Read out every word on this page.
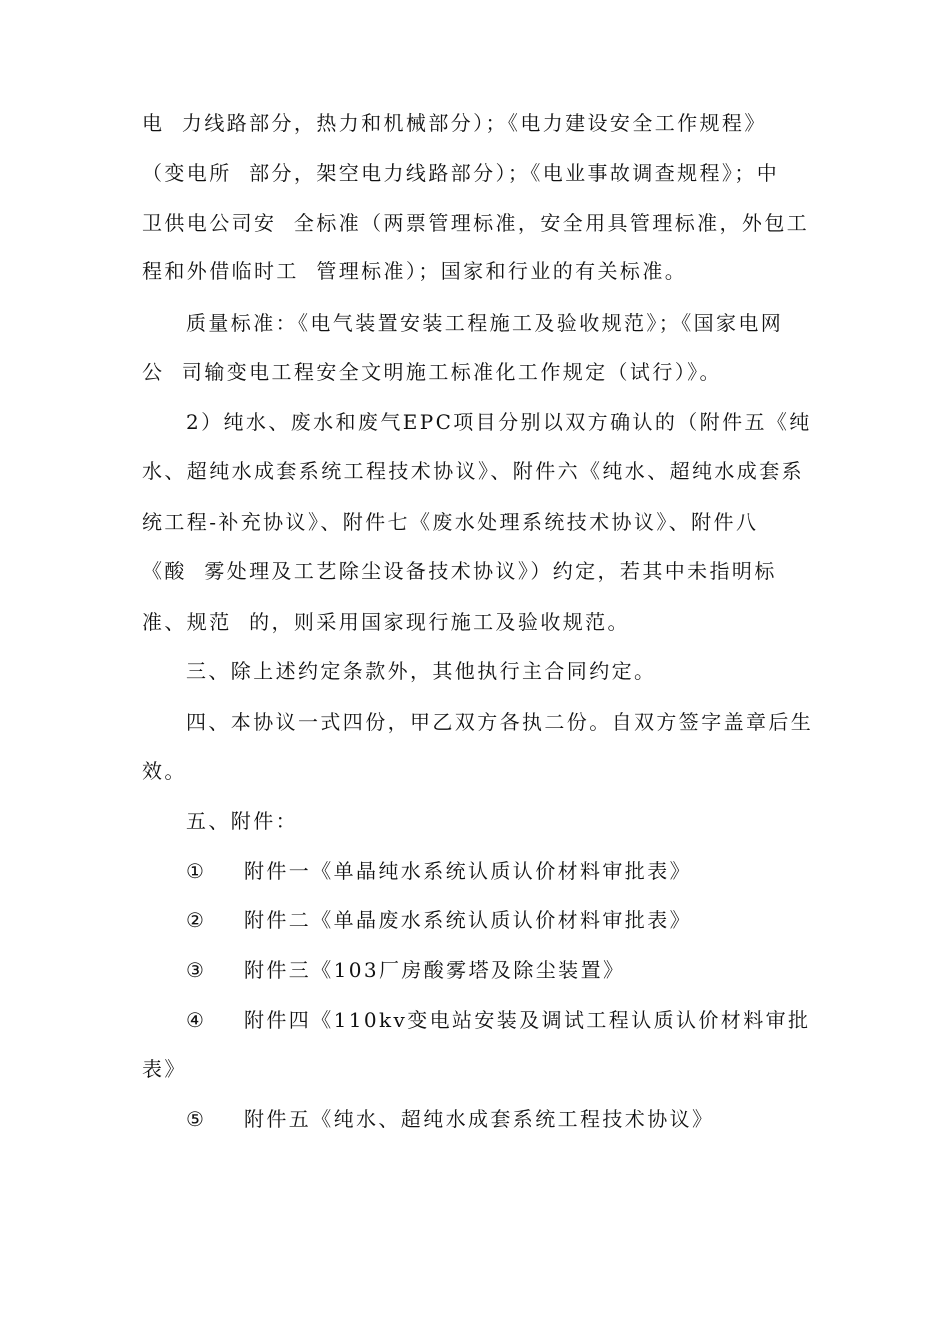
电  力线路部分，热力和机械部分）；《电力建设安全工作规程》
（变电所  部分，架空电力线路部分）；《电业事故调查规程》；中
卫供电公司安  全标准（两票管理标准，安全用具管理标准，外包工
程和外借临时工  管理标准）；国家和行业的有关标准。
质量标准：《电气装置安装工程施工及验收规范》；《国家电网
公  司输变电工程安全文明施工标准化工作规定（试行）》。
2）纯水、废水和废气EPC项目分别以双方确认的（附件五《纯
水、超纯水成套系统工程技术协议》、附件六《纯水、超纯水成套系
统工程-补充协议》、附件七《废水处理系统技术协议》、附件八
《酸  雾处理及工艺除尘设备技术协议》）约定，若其中未指明标
准、规范  的，则采用国家现行施工及验收规范。
三、除上述约定条款外，其他执行主合同约定。
四、本协议一式四份，甲乙双方各执二份。自双方签字盖章后生
效。
五、附件：
① 附件一《单晶纯水系统认质认价材料审批表》
② 附件二《单晶废水系统认质认价材料审批表》
③ 附件三《103厂房酸雾塔及除尘装置》
④ 附件四《110kv变电站安装及调试工程认质认价材料审批
表》
⑤ 附件五《纯水、超纯水成套系统工程技术协议》
